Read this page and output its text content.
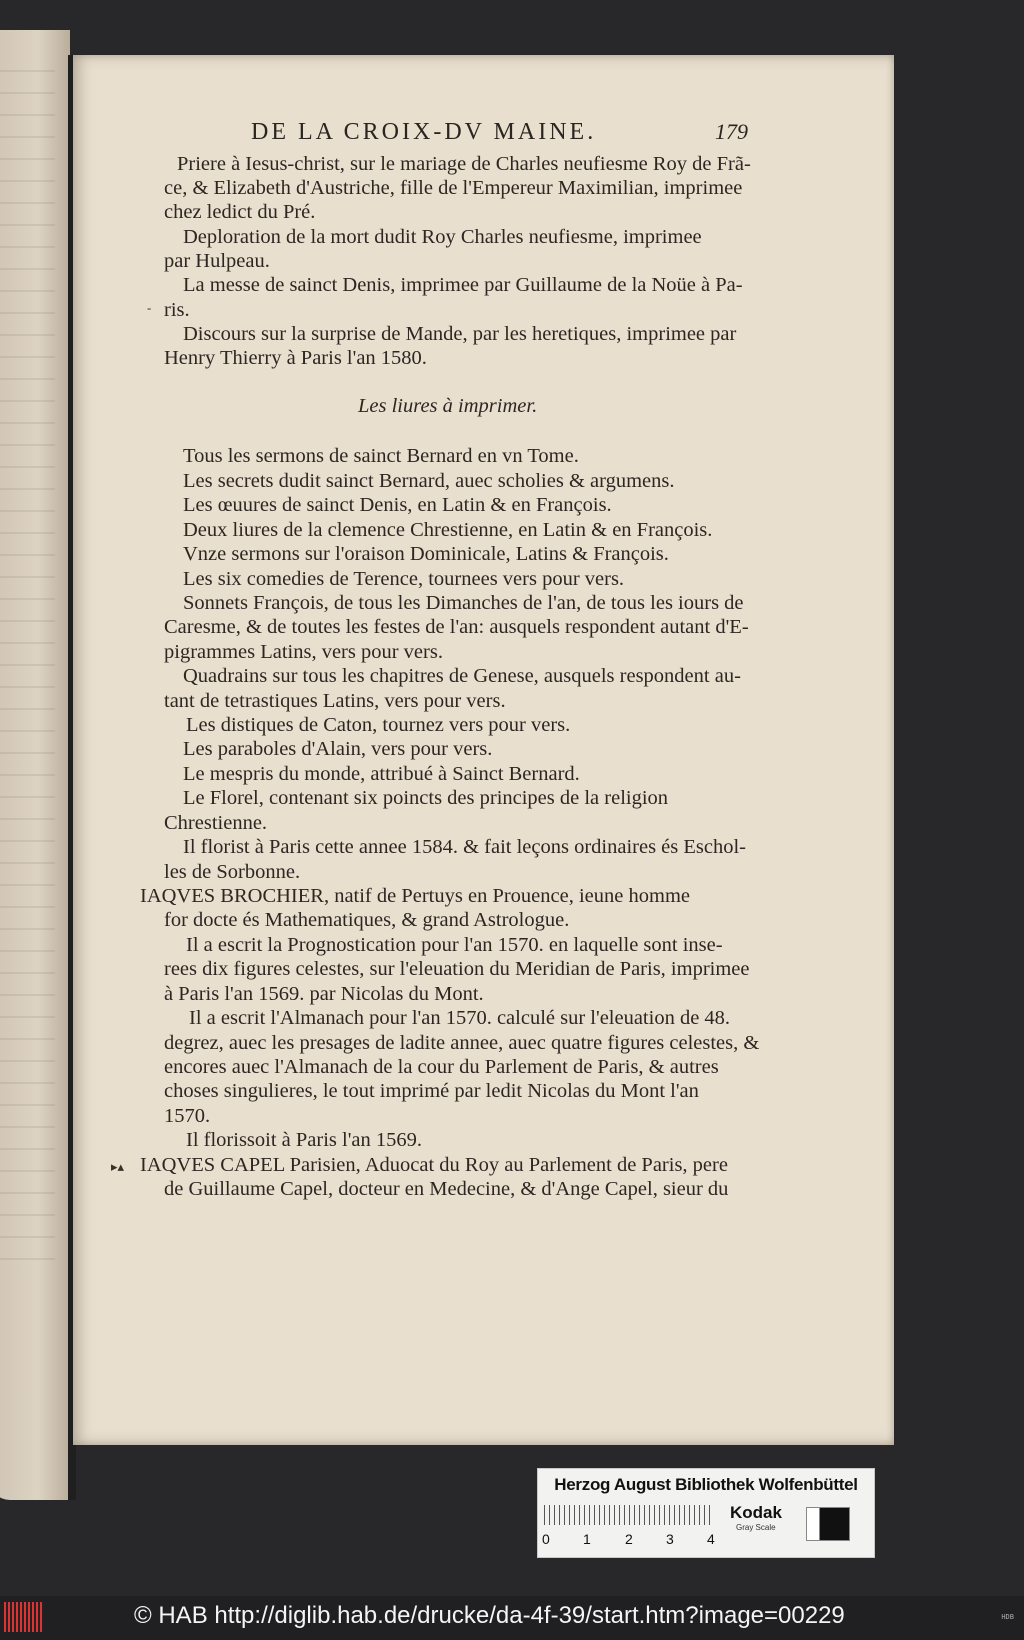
DE LA CROIX-DV MAINE.	179
Priere à Iesus-christ, sur le mariage de Charles neufiesme Roy de Frã-
ce, & Elizabeth d'Austriche, fille de l'Empereur Maximilian, imprimee
chez ledict du Pré.
Deploration de la mort dudit Roy Charles neufiesme, imprimee
par Hulpeau.
La messe de sainct Denis, imprimee par Guillaume de la Noüe à Pa-
ris.
Discours sur la surprise de Mande, par les heretiques, imprimee par
Henry Thierry à Paris l'an 1580.
Les liures à imprimer.
Tous les sermons de sainct Bernard en vn Tome.
Les secrets dudit sainct Bernard, auec scholies & argumens.
Les œuures de sainct Denis, en Latin & en François.
Deux liures de la clemence Chrestienne, en Latin & en François.
Vnze sermons sur l'oraison Dominicale, Latins & François.
Les six comedies de Terence, tournees vers pour vers.
Sonnets François, de tous les Dimanches de l'an, de tous les iours de
Caresme, & de toutes les festes de l'an: ausquels respondent autant d'E-
pigrammes Latins, vers pour vers.
Quadrains sur tous les chapitres de Genese, ausquels respondent au-
tant de tetrastiques Latins, vers pour vers.
Les distiques de Caton, tournez vers pour vers.
Les paraboles d'Alain, vers pour vers.
Le mespris du monde, attribué à Sainct Bernard.
Le Florel, contenant six poincts des principes de la religion
Chrestienne.
Il florist à Paris cette annee 1584. & fait leçons ordinaires és Eschol-
les de Sorbonne.
IAQVES BROCHIER, natif de Pertuys en Prouence, ieune homme
for docte és Mathematiques, & grand Astrologue.
Il a escrit la Prognostication pour l'an 1570. en laquelle sont inse-
rees dix figures celestes, sur l'eleuation du Meridian de Paris, imprimee
à Paris l'an 1569. par Nicolas du Mont.
Il a escrit l'Almanach pour l'an 1570. calculé sur l'eleuation de 48.
degrez, auec les presages de ladite annee, auec quatre figures celestes, &
encores auec l'Almanach de la cour du Parlement de Paris, & autres
choses singulieres, le tout imprimé par ledit Nicolas du Mont l'an
1570.
Il florissoit à Paris l'an 1569.
IAQVES CAPEL Parisien, Aduocat du Roy au Parlement de Paris, pere
de Guillaume Capel, docteur en Medecine, & d'Ange Capel, sieur du
▸▴
-
Herzog August Bibliothek Wolfenbüttel
0 1 2 3 4
Kodak
Gray Scale
© HAB http://diglib.hab.de/drucke/da-4f-39/start.htm?image=00229	HDB
